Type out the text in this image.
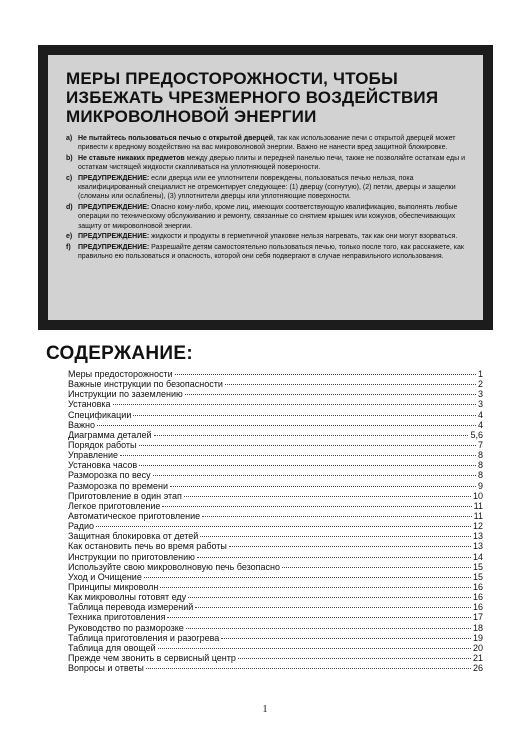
МЕРЫ ПРЕДОСТОРОЖНОСТИ, ЧТОБЫ
ИЗБЕЖАТЬ ЧРЕЗМЕРНОГО ВОЗДЕЙСТВИЯ
МИКРОВОЛНОВОЙ ЭНЕРГИИ
a) Не пытайтесь пользоваться печью с открытой дверцей, так как использование печи с открытой дверцей может привести к вредному воздействию на вас микроволновой энергии. Важно не нанести вред защитной блокировке.
b) Не ставьте никаких предметов между дверью плиты и передней панелью печи, также не позволяйте остаткам еды и остаткам чистящей жидкости скапливаться на уплотняющей поверхности.
c) ПРЕДУПРЕЖДЕНИЕ: если дверца или ее уплотнители повреждены, пользоваться печью нельзя, пока квалифицированный специалист не отремонтирует следующее: (1) дверцу (согнутую), (2) петли, дверцы и защелки (сломаны или ослаблены), (3) уплотнители дверцы или уплотняющие поверхности.
d) ПРЕДУПРЕЖДЕНИЕ: Опасно кому-либо, кроме лиц, имеющих соответствующую квалификацию, выполнять любые операции по техническому обслуживанию и ремонту, связанные со снятием крышек или кожухов, обеспечивающих защиту от микроволновой энергии.
e) ПРЕДУПРЕЖДЕНИЕ: жидкости и продукты в герметичной упаковке нельзя нагревать, так как они могут взорваться.
f)	ПРЕДУПРЕЖДЕНИЕ: Разрешайте детям самостоятельно пользоваться печью, только после того, как расскажете, как правильно ею пользоваться и опасность, которой они себя подвергают в случае неправильного использования.
СОДЕРЖАНИЕ:
Меры предосторожности	1
Важные инструкции по безопасности	2
Инструкции по заземлению	3
Установка	3
Спецификации	4
Важно	4
Диаграмма деталей	5,6
Порядок работы	7
Управление	8
Установка часов	8
Разморозка по весу	8
Разморозка по времени	9
Приготовление в один этап	10
Легкое приготовление	11
Автоматическое приготовление	11
Радио	12
Защитная блокировка от детей	13
Как остановить печь во время работы	13
Инструкции по приготовлению	14
Используйте свою микроволновую печь безопасно	15
Уход и Очищение	15
Принципы микроволн	16
Как микроволны готовят еду	16
Таблица перевода измерений	16
Техника приготовления	17
Руководство по разморозке	18
Таблица приготовления и разогрева	19
Таблица для овощей	20
Прежде чем звонить в сервисный центр	21
Вопросы и ответы	26
1
